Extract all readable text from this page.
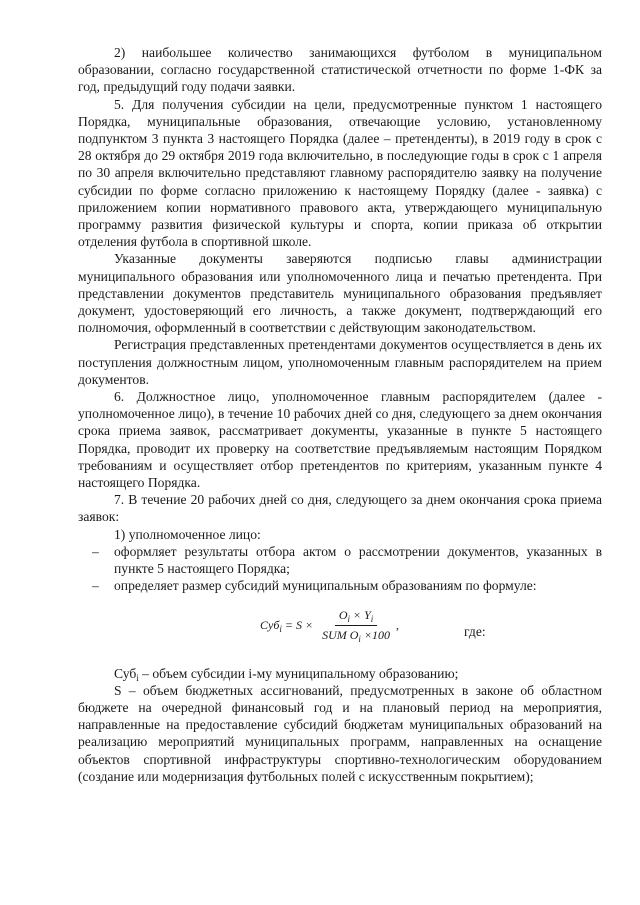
2) наибольшее количество занимающихся футболом в муниципальном образовании, согласно государственной статистической отчетности по форме 1-ФК за год, предыдущий году подачи заявки.

5. Для получения субсидии на цели, предусмотренные пунктом 1 настоящего Порядка, муниципальные образования, отвечающие условию, установленному подпунктом 3 пункта 3 настоящего Порядка (далее – претенденты), в 2019 году в срок с 28 октября до 29 октября 2019 года включительно, в последующие годы в срок с 1 апреля по 30 апреля включительно представляют главному распорядителю заявку на получение субсидии по форме согласно приложению к настоящему Порядку (далее - заявка) с приложением копии нормативного правового акта, утверждающего муниципальную программу развития физической культуры и спорта, копии приказа об открытии отделения футбола в спортивной школе.

Указанные документы заверяются подписью главы администрации муниципального образования или уполномоченного лица и печатью претендента. При представлении документов представитель муниципального образования предъявляет документ, удостоверяющий его личность, а также документ, подтверждающий его полномочия, оформленный в соответствии с действующим законодательством.

Регистрация представленных претендентами документов осуществляется в день их поступления должностным лицом, уполномоченным главным распорядителем на прием документов.

6. Должностное лицо, уполномоченное главным распорядителем (далее - уполномоченное лицо), в течение 10 рабочих дней со дня, следующего за днем окончания срока приема заявок, рассматривает документы, указанные в пункте 5 настоящего Порядка, проводит их проверку на соответствие предъявляемым настоящим Порядком требованиям и осуществляет отбор претендентов по критериям, указанным пункте 4 настоящего Порядка.

7. В течение 20 рабочих дней со дня, следующего за днем окончания срока приема заявок:

1) уполномоченное лицо:

– оформляет результаты отбора актом о рассмотрении документов, указанных в пункте 5 настоящего Порядка;

– определяет размер субсидий муниципальным образованиям по формуле:

$Суб_i = S \times \frac{O_i \times Y_i}{SUM O_i \times 100}$ ,	где:

Суб$_i$ – объем субсидии i-му муниципальному образованию;

S – объем бюджетных ассигнований, предусмотренных в законе об областном бюджете на очередной финансовый год и на плановый период на мероприятия, направленные на предоставление субсидий бюджетам муниципальных образований на реализацию мероприятий муниципальных программ, направленных на оснащение объектов спортивной инфраструктуры спортивно-технологическим оборудованием (создание или модернизация футбольных полей с искусственным покрытием);
